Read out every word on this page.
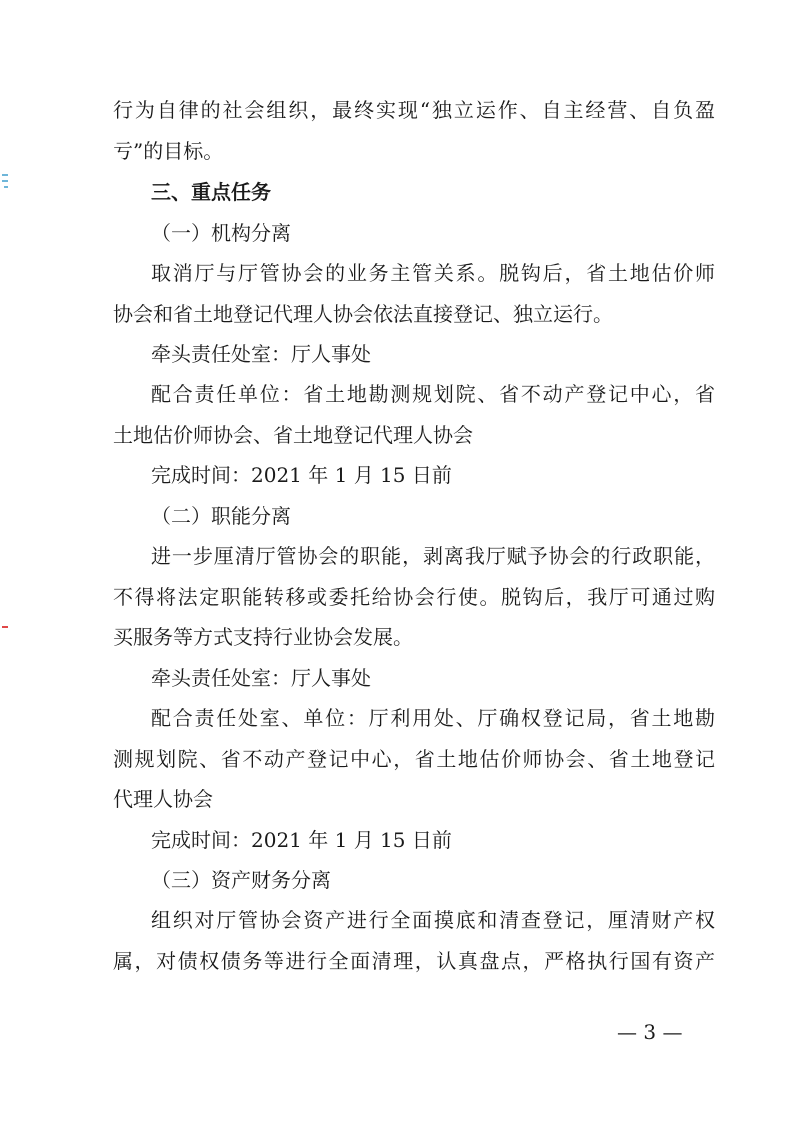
行为自律的社会组织，最终实现“独立运作、自主经营、自负盈
亏”的目标。
三、重点任务
（一）机构分离
取消厅与厅管协会的业务主管关系。脱钩后，省土地估价师
协会和省土地登记代理人协会依法直接登记、独立运行。
牵头责任处室：厅人事处
配合责任单位：省土地勘测规划院、省不动产登记中心，省
土地估价师协会、省土地登记代理人协会
完成时间：2021 年 1 月 15 日前
（二）职能分离
进一步厘清厅管协会的职能，剥离我厅赋予协会的行政职能，
不得将法定职能转移或委托给协会行使。脱钩后，我厅可通过购
买服务等方式支持行业协会发展。
牵头责任处室：厅人事处
配合责任处室、单位：厅利用处、厅确权登记局，省土地勘
测规划院、省不动产登记中心，省土地估价师协会、省土地登记
代理人协会
完成时间：2021 年 1 月 15 日前
（三）资产财务分离
组织对厅管协会资产进行全面摸底和清查登记，厘清财产权
属，对债权债务等进行全面清理，认真盘点，严格执行国有资产
— 3 —
